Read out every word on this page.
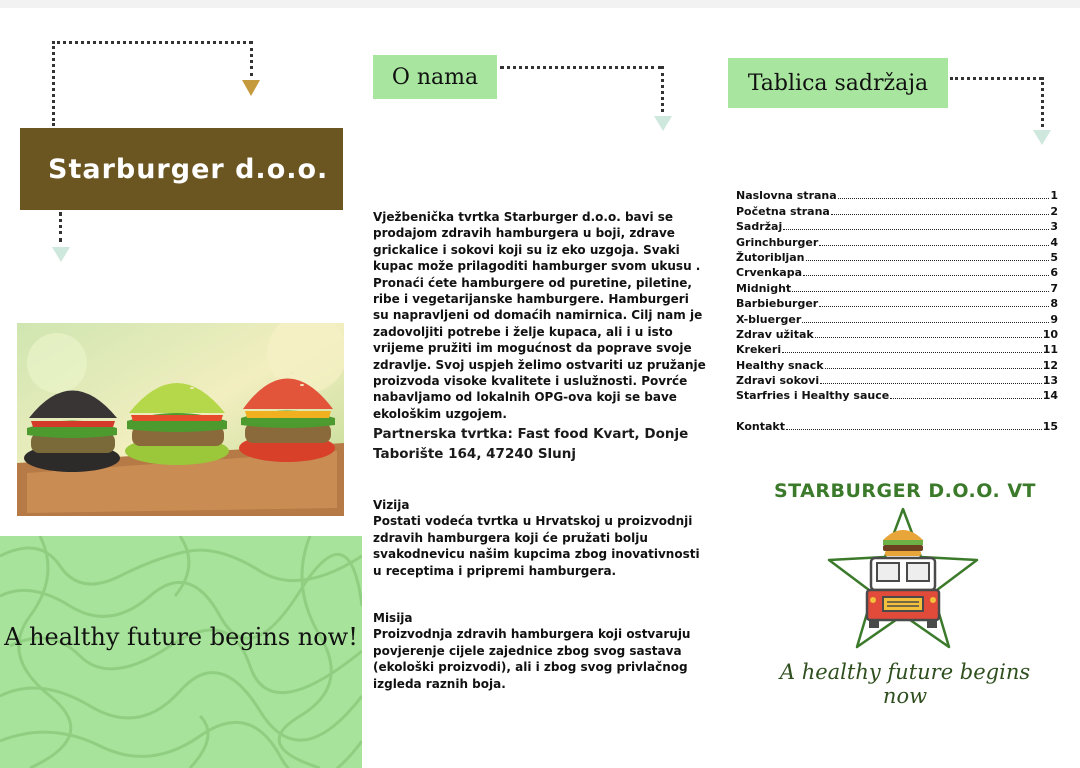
Starburger d.o.o.
A healthy future begins now!
O nama
Vježbenička tvrtka Starburger d.o.o. bavi se prodajom zdravih hamburgera u boji, zdrave grickalice i sokovi koji su iz eko uzgoja. Svaki kupac može prilagoditi hamburger svom ukusu . Pronaći ćete hamburgere od puretine, piletine, ribe i vegetarijanske hamburgere. Hamburgeri su napravljeni od domaćih namirnica. Cilj nam je zadovoljiti potrebe i želje kupaca, ali i u isto vrijeme pružiti im mogućnost da poprave svoje zdravlje. Svoj uspjeh želimo ostvariti uz pružanje proizvoda visoke kvalitete i uslužnosti. Povrće nabavljamo od lokalnih OPG-ova koji se bave ekološkim uzgojem.
Partnerska tvrtka: Fast food Kvart, Donje Taborište 164, 47240 Slunj
Vizija
Postati vodeća tvrtka u Hrvatskoj u proizvodnji zdravih hamburgera koji će pružati bolju svakodnevicu našim kupcima zbog inovativnosti u receptima i pripremi hamburgera.
Misija
Proizvodnja zdravih hamburgera koji ostvaruju povjerenje cijele zajednice zbog svog sastava (ekološki proizvodi), ali i zbog svog privlačnog izgleda raznih boja.
Tablica sadržaja
Naslovna strana	1
Početna strana	2
Sadržaj	3
Grinchburger	4
Žutoribljan	5
Crvenkapa	6
Midnight	7
Barbieburger	8
X-bluerger	9
Zdrav užitak	10
Krekeri	11
Healthy snack	12
Zdravi sokovi	13
Starfries i Healthy sauce	14
Kontakt	15
STARBURGER D.O.O. VT
A healthy future begins now
